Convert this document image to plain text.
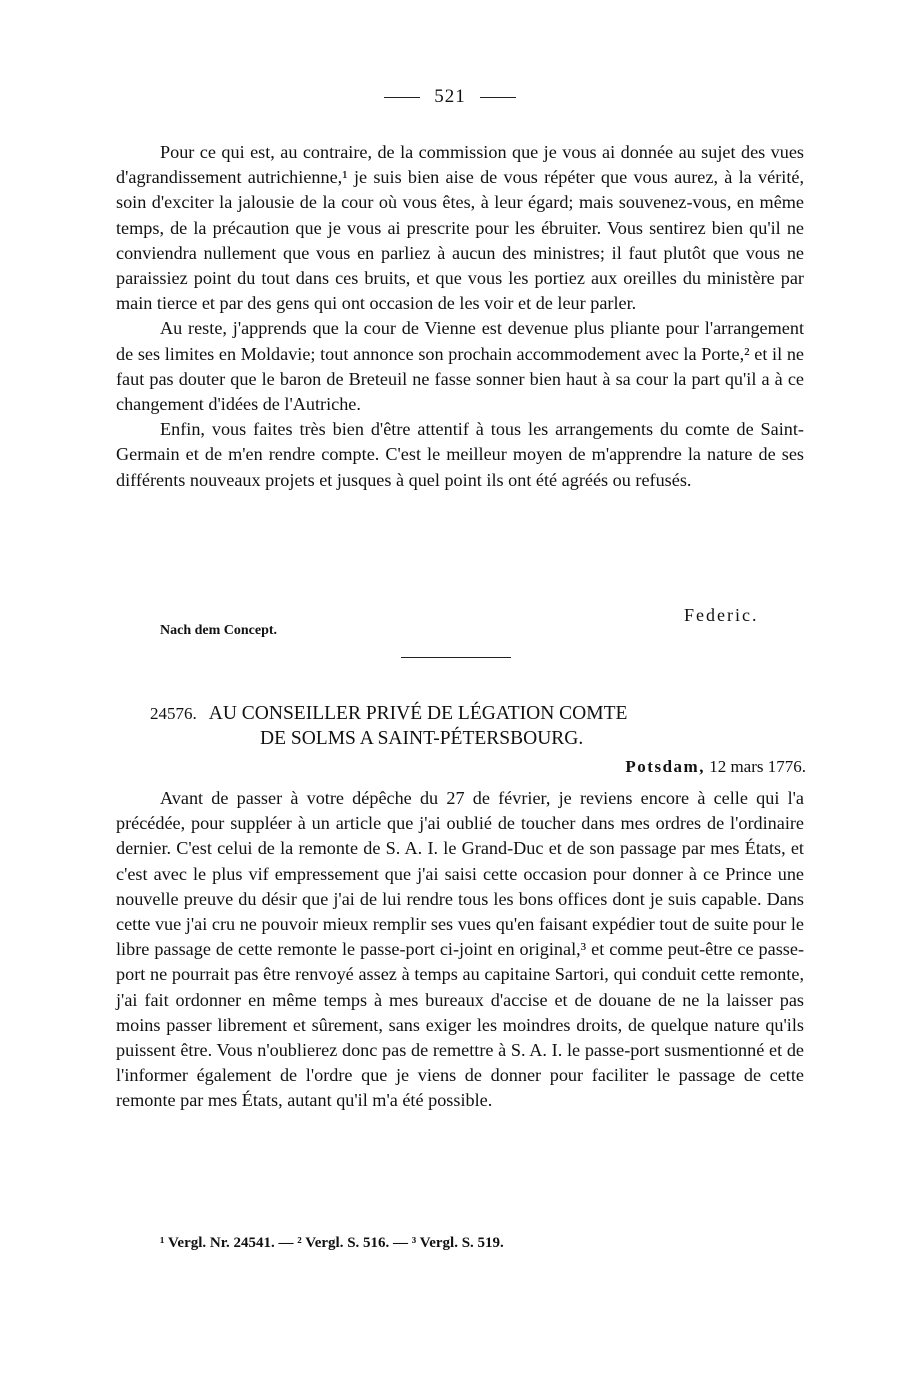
521

Pour ce qui est, au contraire, de la commission que je vous ai donnée au sujet des vues d'agrandissement autrichienne,¹ je suis bien aise de vous répéter que vous aurez, à la vérité, soin d'exciter la jalousie de la cour où vous êtes, à leur égard; mais souvenez-vous, en même temps, de la précaution que je vous ai prescrite pour les ébruiter. Vous sentirez bien qu'il ne conviendra nullement que vous en parliez à aucun des ministres; il faut plutôt que vous ne paraissiez point du tout dans ces bruits, et que vous les portiez aux oreilles du ministère par main tierce et par des gens qui ont occasion de les voir et de leur parler.

Au reste, j'apprends que la cour de Vienne est devenue plus pliante pour l'arrangement de ses limites en Moldavie; tout annonce son prochain accommodement avec la Porte,² et il ne faut pas douter que le baron de Breteuil ne fasse sonner bien haut à sa cour la part qu'il a à ce changement d'idées de l'Autriche.

Enfin, vous faites très bien d'être attentif à tous les arrangements du comte de Saint-Germain et de m'en rendre compte. C'est le meilleur moyen de m'apprendre la nature de ses différents nouveaux projets et jusques à quel point ils ont été agréés ou refusés.

Federic.
Nach dem Concept.
24576. AU CONSEILLER PRIVÉ DE LÉGATION COMTE
DE SOLMS A SAINT-PÉTERSBOURG.
Potsdam, 12 mars 1776.

Avant de passer à votre dépêche du 27 de février, je reviens encore à celle qui l'a précédée, pour suppléer à un article que j'ai oublié de toucher dans mes ordres de l'ordinaire dernier. C'est celui de la remonte de S. A. I. le Grand-Duc et de son passage par mes États, et c'est avec le plus vif empressement que j'ai saisi cette occasion pour donner à ce Prince une nouvelle preuve du désir que j'ai de lui rendre tous les bons offices dont je suis capable. Dans cette vue j'ai cru ne pouvoir mieux remplir ses vues qu'en faisant expédier tout de suite pour le libre passage de cette remonte le passe-port ci-joint en original,³ et comme peut-être ce passe-port ne pourrait pas être renvoyé assez à temps au capitaine Sartori, qui conduit cette remonte, j'ai fait ordonner en même temps à mes bureaux d'accise et de douane de ne la laisser pas moins passer librement et sûrement, sans exiger les moindres droits, de quelque nature qu'ils puissent être. Vous n'oublierez donc pas de remettre à S. A. I. le passe-port susmentionné et de l'informer également de l'ordre que je viens de donner pour faciliter le passage de cette remonte par mes États, autant qu'il m'a été possible.

¹ Vergl. Nr. 24541. — ² Vergl. S. 516. — ³ Vergl. S. 519.
